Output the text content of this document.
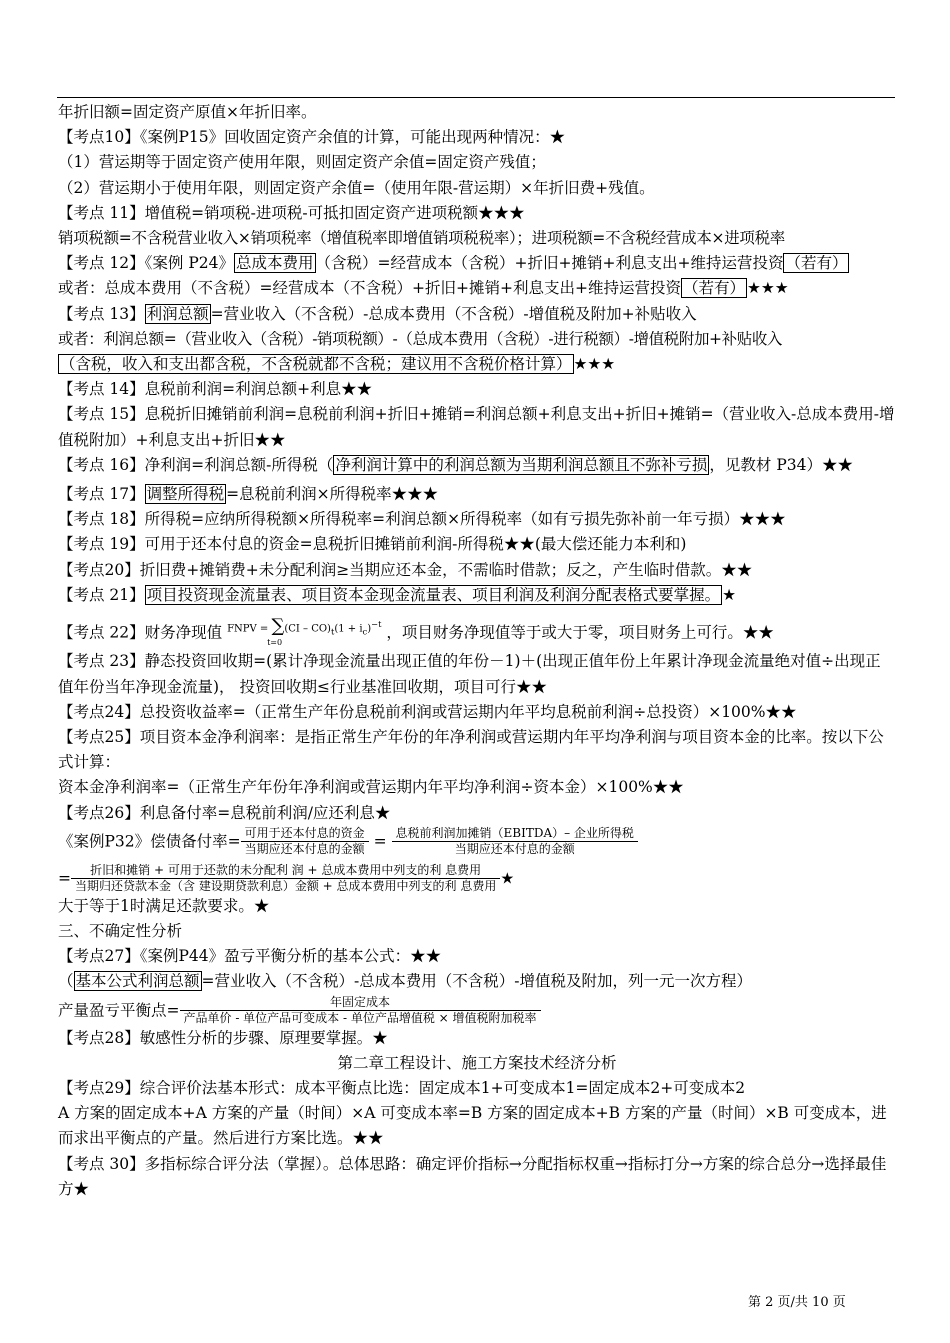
年折旧额=固定资产原值×年折旧率。
【考点10】《案例P15》回收固定资产余值的计算，可能出现两种情况：★
（1）营运期等于固定资产使用年限，则固定资产余值=固定资产残值；
（2）营运期小于使用年限，则固定资产余值=（使用年限-营运期）×年折旧费+残值。
【考点 11】增值税=销项税-进项税-可抵扣固定资产进项税额★★★
销项税额=不含税营业收入×销项税率（增值税率即增值销项税税率）；进项税额=不含税经营成本×进项税率
【考点 12】《案例 P24》 总成本费用 （含税）=经营成本（含税）+折旧+摊销+利息支出+维持运营投资 （若有）
或者：总成本费用（不含税）=经营成本（不含税）+折旧+摊销+利息支出+维持运营投资 （若有） ★★★
【考点 13】 利润总额 =营业收入（不含税）-总成本费用（不含税）-增值税及附加+补贴收入
或者：利润总额=（营业收入（含税）-销项税额）-（总成本费用（含税）-进行税额）-增值税附加+补贴收入
（含税，收入和支出都含税，不含税就都不含税；建议用不含税价格计算） ★★★
【考点 14】息税前利润=利润总额+利息★★
【考点 15】息税折旧摊销前利润=息税前利润+折旧+摊销=利润总额+利息支出+折旧+摊销=（营业收入-总成本费用-增值税附加）+利息支出+折旧★★
【考点 16】净利润=利润总额-所得税（ 净利润计算中的利润总额为当期利润总额且不弥补亏损 ，见教材 P34）★★
【考点 17】 调整所得税 =息税前利润×所得税率★★★
【考点 18】所得税=应纳所得税额×所得税率=利润总额×所得税率（如有亏损先弥补前一年亏损）★★★
【考点 19】可用于还本付息的资金=息税折旧摊销前利润-所得税★★(最大偿还能力本利和)
【考点20】折旧费+摊销费+未分配利润≥当期应还本金，不需临时借款；反之，产生临时借款。★★
【考点 21】 项目投资现金流量表、项目资本金现金流量表、项目利润及利润分配表格式要掌握。 ★
【考点 22】财务净现值 FNPV = $\sum(CI - CO)_t(1 + i_c)^{-t}$
t=0
，项目财务净现值等于或大于零，项目财务上可行。★★
【考点 23】静态投资回收期=(累计净现金流量出现正值的年份－1)＋(出现正值年份上年累计净现金流量绝对值÷出现正值年份当年净现金流量)， 投资回收期≤行业基准回收期，项目可行★★
【考点24】总投资收益率=（正常生产年份息税前利润或营运期内年平均息税前利润÷总投资）×100%★★
【考点25】项目资本金净利润率：是指正常生产年份的年净利润或营运期内年平均净利润与项目资本金的比率。按以下公式计算：
资本金净利润率=（正常生产年份年净利润或营运期内年平均净利润÷资本金）×100%★★
【考点26】利息备付率=息税前利润/应还利息★
《案例P32》偿债备付率= $\frac{\text{可用于还本付息的资金}}{\text{当期应还本付息的金额}} = \frac{\text{息税前利润加摊销（EBITDA）– 企业所得税}}{\text{当期应还本付息的金额}}$
= $\frac{\text{折旧和摊销 + 可用于还款的未分配利 润 + 总成本费用中列支的利 息费用}}{\text{当期归还贷款本金（含 建设期贷款利息）金额 + 总成本费用中列支的利 息费用}}$ ★
大于等于1时满足还款要求。★
三、不确定性分析
【考点27】《案例P44》盈亏平衡分析的基本公式：★★
（ 基本公式利润总额 =营业收入（不含税）-总成本费用（不含税）-增值税及附加，列一元一次方程）
产量盈亏平衡点= $\frac{\text{年固定成本}}{\text{产品单价 - 单位产品可变成本 - 单位产品增值税 × 增值税附加税率}}$
【考点28】敏感性分析的步骤、原理要掌握。★
第二章工程设计、施工方案技术经济分析
【考点29】综合评价法基本形式：成本平衡点比选：固定成本1+可变成本1=固定成本2+可变成本2
A 方案的固定成本+A 方案的产量（时间）×A 可变成本率=B 方案的固定成本+B 方案的产量（时间）×B 可变成本，进而求出平衡点的产量。然后进行方案比选。★★
【考点 30】多指标综合评分法（掌握）。总体思路：确定评价指标→分配指标权重→指标打分→方案的综合总分→选择最佳方★
第 2 页/共 10 页
